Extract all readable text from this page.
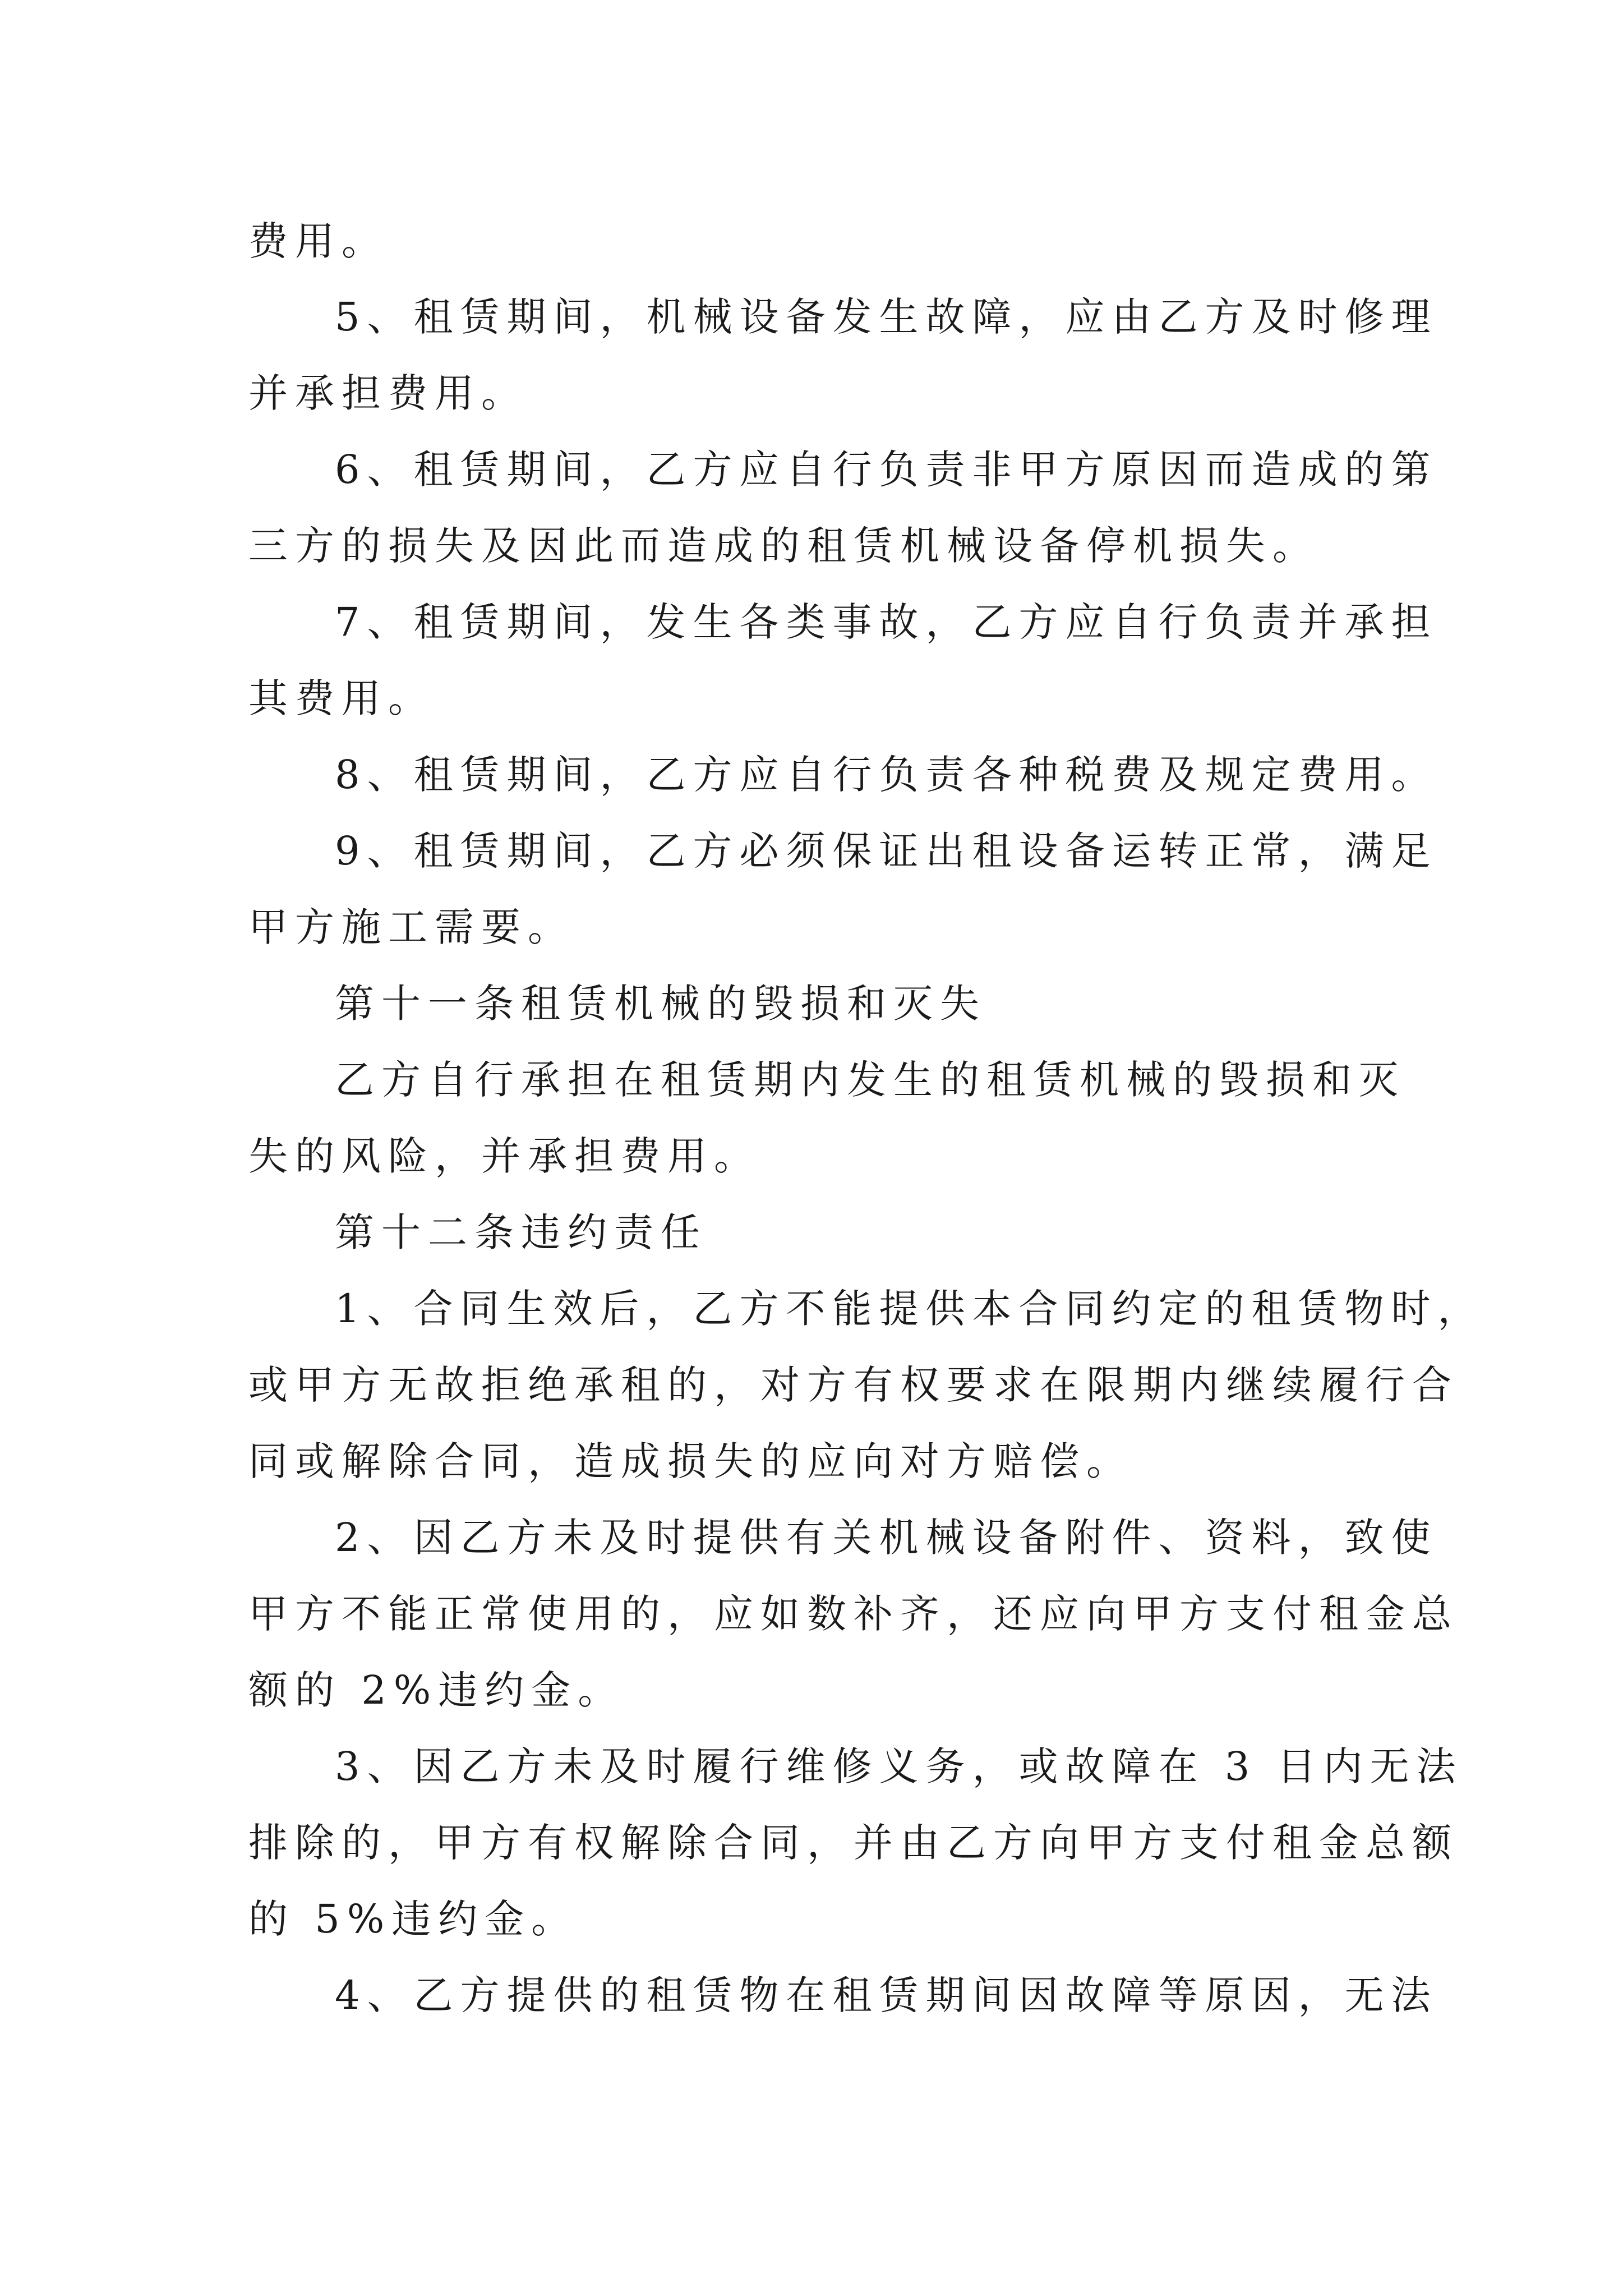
费用。
5、租赁期间，机械设备发生故障，应由乙方及时修理
并承担费用。
6、租赁期间，乙方应自行负责非甲方原因而造成的第
三方的损失及因此而造成的租赁机械设备停机损失。
7、租赁期间，发生各类事故，乙方应自行负责并承担
其费用。
8、租赁期间，乙方应自行负责各种税费及规定费用。
9、租赁期间，乙方必须保证出租设备运转正常，满足
甲方施工需要。
第十一条租赁机械的毁损和灭失
乙方自行承担在租赁期内发生的租赁机械的毁损和灭
失的风险，并承担费用。
第十二条违约责任
1、合同生效后，乙方不能提供本合同约定的租赁物时，
或甲方无故拒绝承租的，对方有权要求在限期内继续履行合
同或解除合同，造成损失的应向对方赔偿。
2、因乙方未及时提供有关机械设备附件、资料，致使
甲方不能正常使用的，应如数补齐，还应向甲方支付租金总
额的 2%违约金。
3、因乙方未及时履行维修义务，或故障在 3 日内无法
排除的，甲方有权解除合同，并由乙方向甲方支付租金总额
的 5%违约金。
4、乙方提供的租赁物在租赁期间因故障等原因，无法
